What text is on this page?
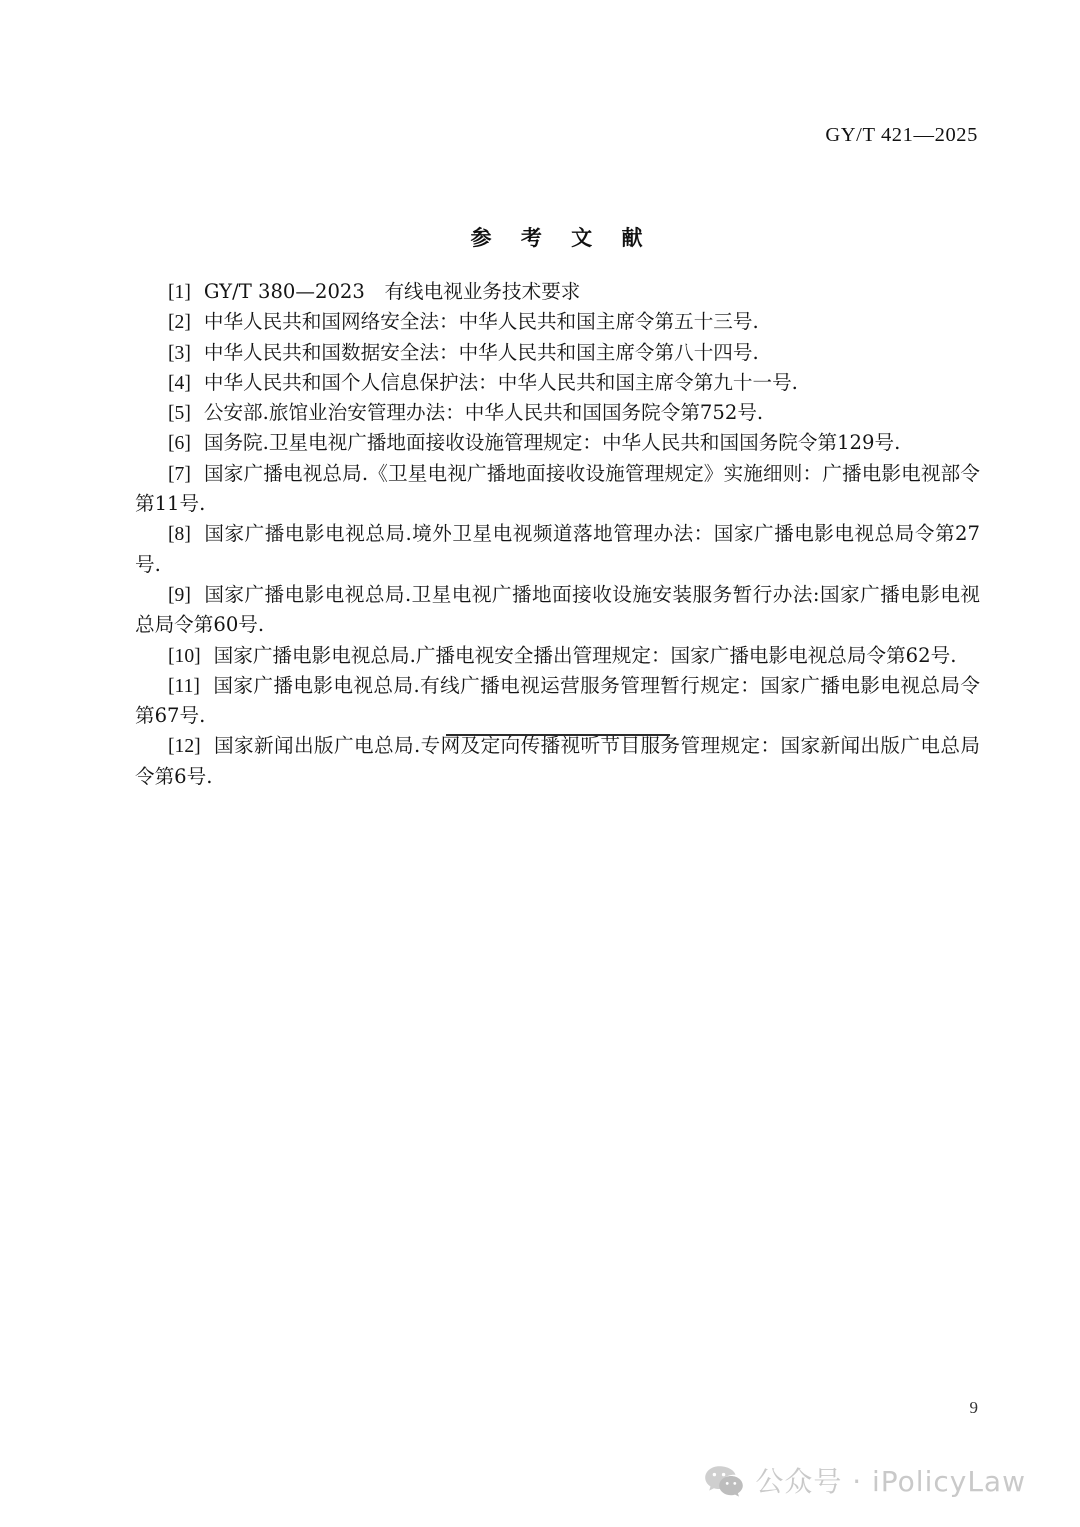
GY/T 421—2025
参 考 文 献

[1] GY/T 380—2023　有线电视业务技术要求

[2] 中华人民共和国网络安全法：中华人民共和国主席令第五十三号.

[3] 中华人民共和国数据安全法：中华人民共和国主席令第八十四号.

[4] 中华人民共和国个人信息保护法：中华人民共和国主席令第九十一号.

[5] 公安部.旅馆业治安管理办法：中华人民共和国国务院令第752号.

[6] 国务院.卫星电视广播地面接收设施管理规定：中华人民共和国国务院令第129号.

[7] 国家广播电视总局.《卫星电视广播地面接收设施管理规定》实施细则：广播电影电视部令第11号.

[8] 国家广播电影电视总局.境外卫星电视频道落地管理办法：国家广播电影电视总局令第27号.

[9] 国家广播电影电视总局.卫星电视广播地面接收设施安装服务暂行办法:国家广播电影电视总局令第60号.

[10] 国家广播电影电视总局.广播电视安全播出管理规定：国家广播电影电视总局令第62号.

[11] 国家广播电影电视总局.有线广播电视运营服务管理暂行规定：国家广播电影电视总局令第67号.

[12] 国家新闻出版广电总局.专网及定向传播视听节目服务管理规定：国家新闻出版广电总局令第6号.

9
公众号 · iPolicyLaw
